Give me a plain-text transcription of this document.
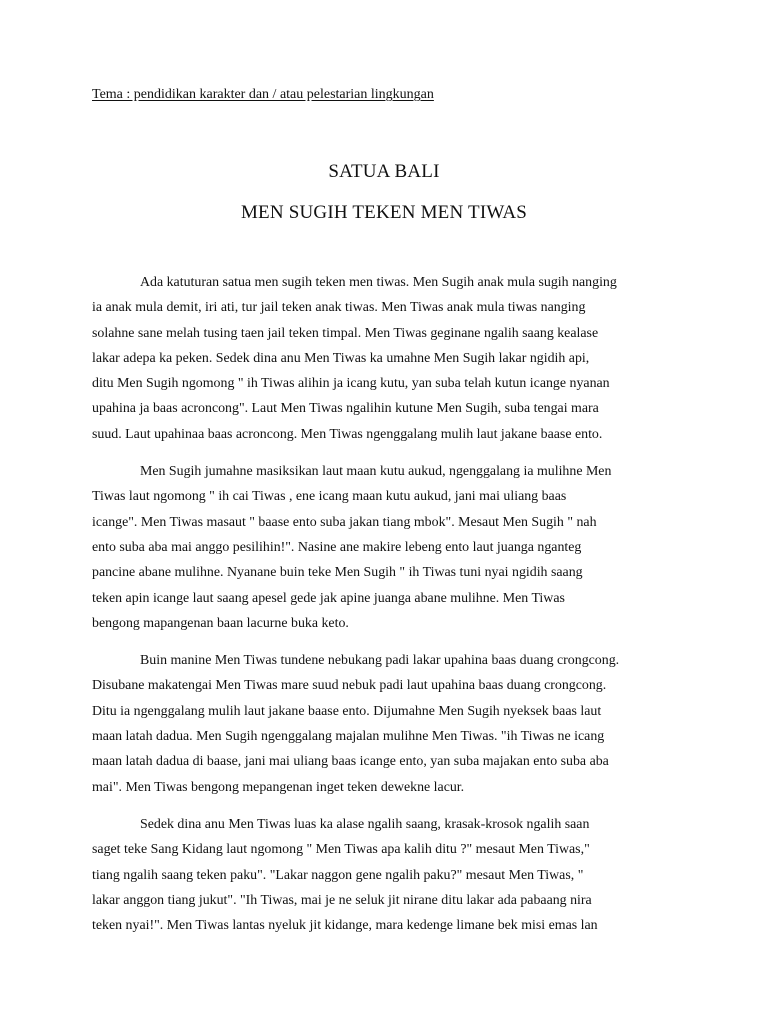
Tema : pendidikan karakter dan / atau pelestarian lingkungan
SATUA BALI
MEN SUGIH TEKEN MEN TIWAS
Ada katuturan satua men sugih teken men tiwas. Men Sugih anak mula sugih nanging
ia anak mula demit, iri ati, tur jail teken anak tiwas. Men Tiwas anak mula tiwas nanging
solahne sane melah tusing taen jail teken timpal. Men Tiwas geginane ngalih saang kealase
lakar adepa ka peken. Sedek dina anu Men Tiwas ka umahne Men Sugih lakar ngidih api,
ditu Men Sugih ngomong " ih Tiwas alihin ja icang kutu, yan suba telah kutun icange nyanan
upahina ja baas acroncong". Laut Men Tiwas ngalihin kutune Men Sugih, suba tengai mara
suud. Laut upahinaa baas acroncong. Men Tiwas ngenggalang mulih laut jakane baase ento.
Men Sugih jumahne masiksikan laut maan kutu aukud, ngenggalang ia mulihne Men
Tiwas laut ngomong " ih cai Tiwas , ene icang maan kutu aukud, jani mai uliang baas
icange". Men Tiwas masaut " baase ento suba jakan tiang mbok". Mesaut Men Sugih " nah
ento suba aba mai anggo pesilihin!". Nasine ane makire lebeng ento laut juanga nganteg
pancine abane mulihne. Nyanane buin teke Men Sugih " ih Tiwas tuni nyai ngidih saang
teken apin icange laut saang apesel gede jak apine juanga abane mulihne. Men Tiwas
bengong mapangenan baan lacurne buka keto.
Buin manine Men Tiwas tundene nebukang padi lakar upahina baas duang crongcong.
Disubane makatengai Men Tiwas mare suud nebuk padi laut upahina baas duang crongcong.
Ditu ia ngenggalang mulih laut jakane baase ento. Dijumahne Men Sugih nyeksek baas laut
maan latah dadua. Men Sugih ngenggalang majalan mulihne Men Tiwas. "ih Tiwas ne icang
maan latah dadua di baase, jani mai uliang baas icange ento, yan suba majakan ento suba aba
mai". Men Tiwas bengong mepangenan inget teken dewekne lacur.
Sedek dina anu Men Tiwas luas ka alase ngalih saang, krasak-krosok ngalih saan
saget teke Sang Kidang laut ngomong " Men Tiwas apa kalih ditu ?" mesaut Men Tiwas,"
tiang ngalih saang teken paku". "Lakar naggon gene ngalih paku?" mesaut Men Tiwas, "
lakar anggon tiang jukut". "Ih Tiwas, mai je ne seluk jit nirane ditu lakar ada pabaang nira
teken nyai!". Men Tiwas lantas nyeluk jit kidange, mara kedenge limane bek misi emas lan
